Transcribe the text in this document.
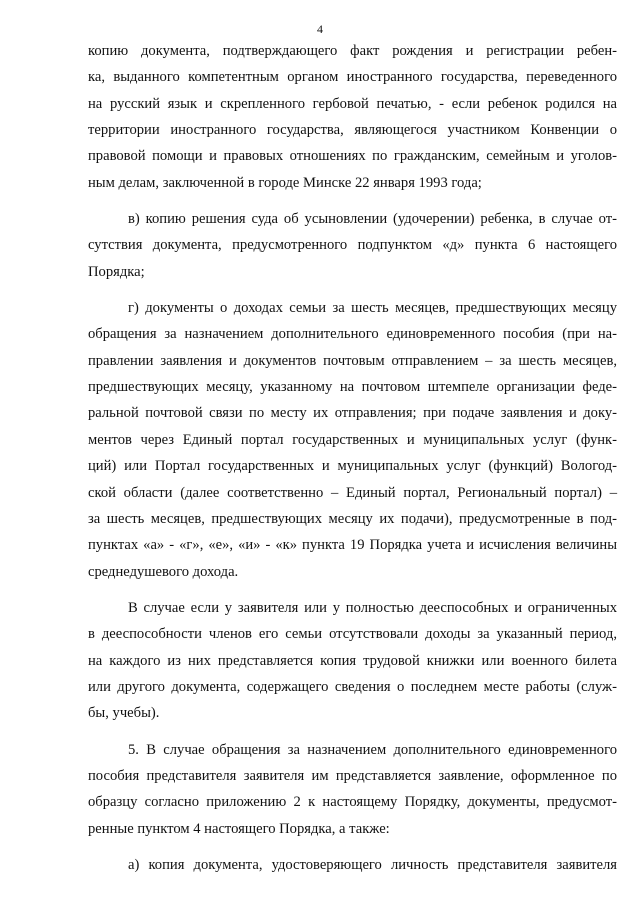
4
копию документа, подтверждающего факт рождения и регистрации ребен-
ка, выданного компетентным органом иностранного государства, переведенного
на русский язык и скрепленного гербовой печатью, - если ребенок родился на
территории иностранного государства, являющегося участником Конвенции о
правовой помощи и правовых отношениях по гражданским, семейным и уголов-
ным делам, заключенной в городе Минске 22 января 1993 года;
в) копию решения суда об усыновлении (удочерении) ребенка, в случае от-
сутствия документа, предусмотренного подпунктом «д» пункта 6 настоящего
Порядка;
г) документы о доходах семьи за шесть месяцев, предшествующих месяцу
обращения за назначением дополнительного единовременного пособия (при на-
правлении заявления и документов почтовым отправлением – за шесть месяцев,
предшествующих месяцу, указанному на почтовом штемпеле организации феде-
ральной почтовой связи по месту их отправления; при подаче заявления и доку-
ментов через Единый портал государственных и муниципальных услуг (функ-
ций) или Портал государственных и муниципальных услуг (функций) Вологод-
ской области (далее соответственно – Единый портал, Региональный портал) –
за шесть месяцев, предшествующих месяцу их подачи), предусмотренные в под-
пунктах «а» - «г», «е», «и» - «к» пункта 19 Порядка учета и исчисления величины
среднедушевого дохода.
В случае если у заявителя или у полностью дееспособных и ограниченных
в дееспособности членов его семьи отсутствовали доходы за указанный период,
на каждого из них представляется копия трудовой книжки или военного билета
или другого документа, содержащего сведения о последнем месте работы (служ-
бы, учебы).
5. В случае обращения за назначением дополнительного единовременного
пособия представителя заявителя им представляется заявление, оформленное по
образцу согласно приложению 2 к настоящему Порядку, документы, предусмот-
ренные пунктом 4 настоящего Порядка, а также:
а) копия документа, удостоверяющего личность представителя заявителя
